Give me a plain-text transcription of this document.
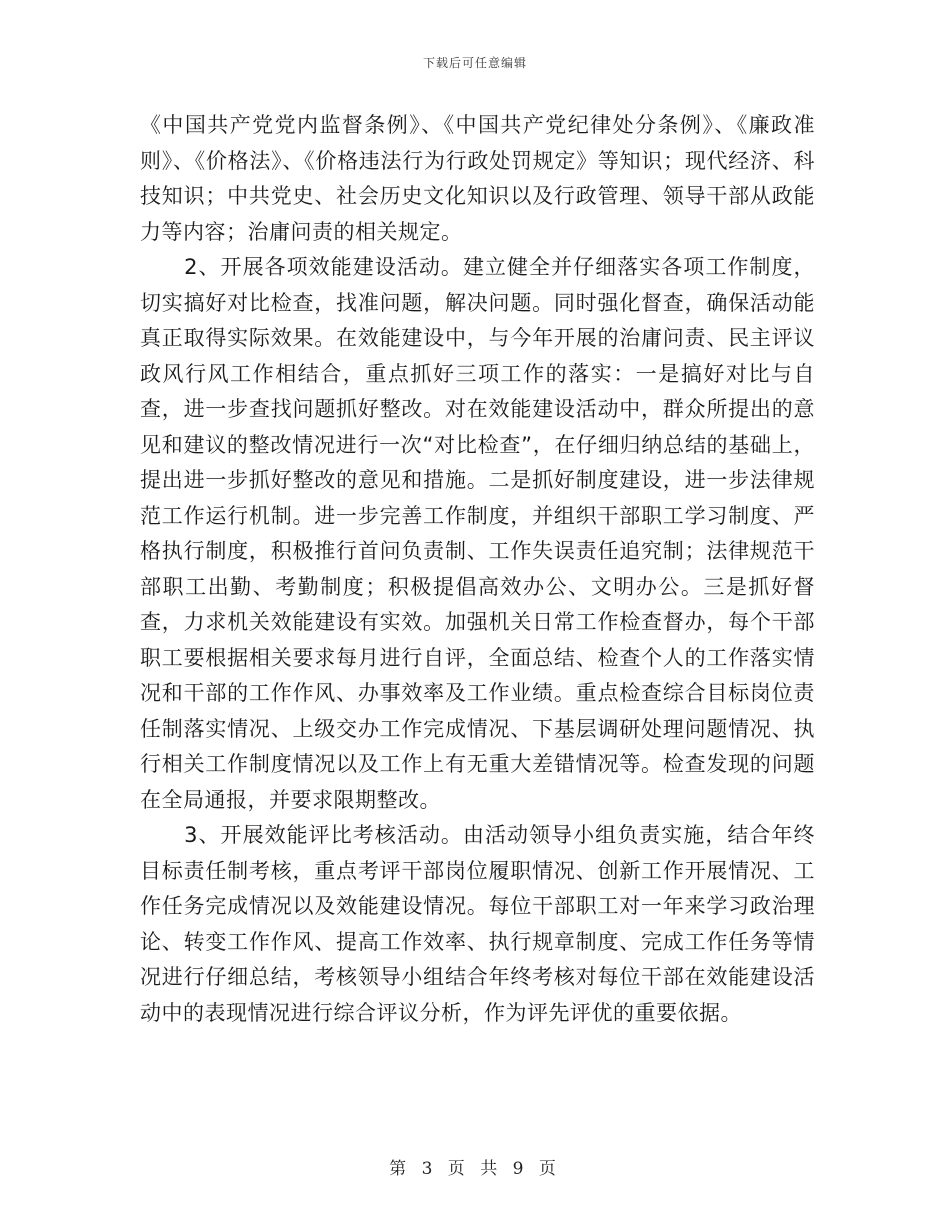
下载后可任意编辑

《中国共产党党内监督条例》、《中国共产党纪律处分条例》、《廉政准则》、《价格法》、《价格违法行为行政处罚规定》等知识；现代经济、科技知识；中共党史、社会历史文化知识以及行政管理、领导干部从政能力等内容；治庸问责的相关规定。

2、开展各项效能建设活动。建立健全并仔细落实各项工作制度，切实搞好对比检查，找准问题，解决问题。同时强化督查，确保活动能真正取得实际效果。在效能建设中，与今年开展的治庸问责、民主评议政风行风工作相结合，重点抓好三项工作的落实：一是搞好对比与自查，进一步查找问题抓好整改。对在效能建设活动中，群众所提出的意见和建议的整改情况进行一次“对比检查”，在仔细归纳总结的基础上，提出进一步抓好整改的意见和措施。二是抓好制度建设，进一步法律规范工作运行机制。进一步完善工作制度，并组织干部职工学习制度、严格执行制度，积极推行首问负责制、工作失误责任追究制；法律规范干部职工出勤、考勤制度；积极提倡高效办公、文明办公。三是抓好督查，力求机关效能建设有实效。加强机关日常工作检查督办，每个干部职工要根据相关要求每月进行自评，全面总结、检查个人的工作落实情况和干部的工作作风、办事效率及工作业绩。重点检查综合目标岗位责任制落实情况、上级交办工作完成情况、下基层调研处理问题情况、执行相关工作制度情况以及工作上有无重大差错情况等。检查发现的问题在全局通报，并要求限期整改。

3、开展效能评比考核活动。由活动领导小组负责实施，结合年终目标责任制考核，重点考评干部岗位履职情况、创新工作开展情况、工作任务完成情况以及效能建设情况。每位干部职工对一年来学习政治理论、转变工作作风、提高工作效率、执行规章制度、完成工作任务等情况进行仔细总结，考核领导小组结合年终考核对每位干部在效能建设活动中的表现情况进行综合评议分析，作为评先评优的重要依据。

第 3 页 共 9 页
